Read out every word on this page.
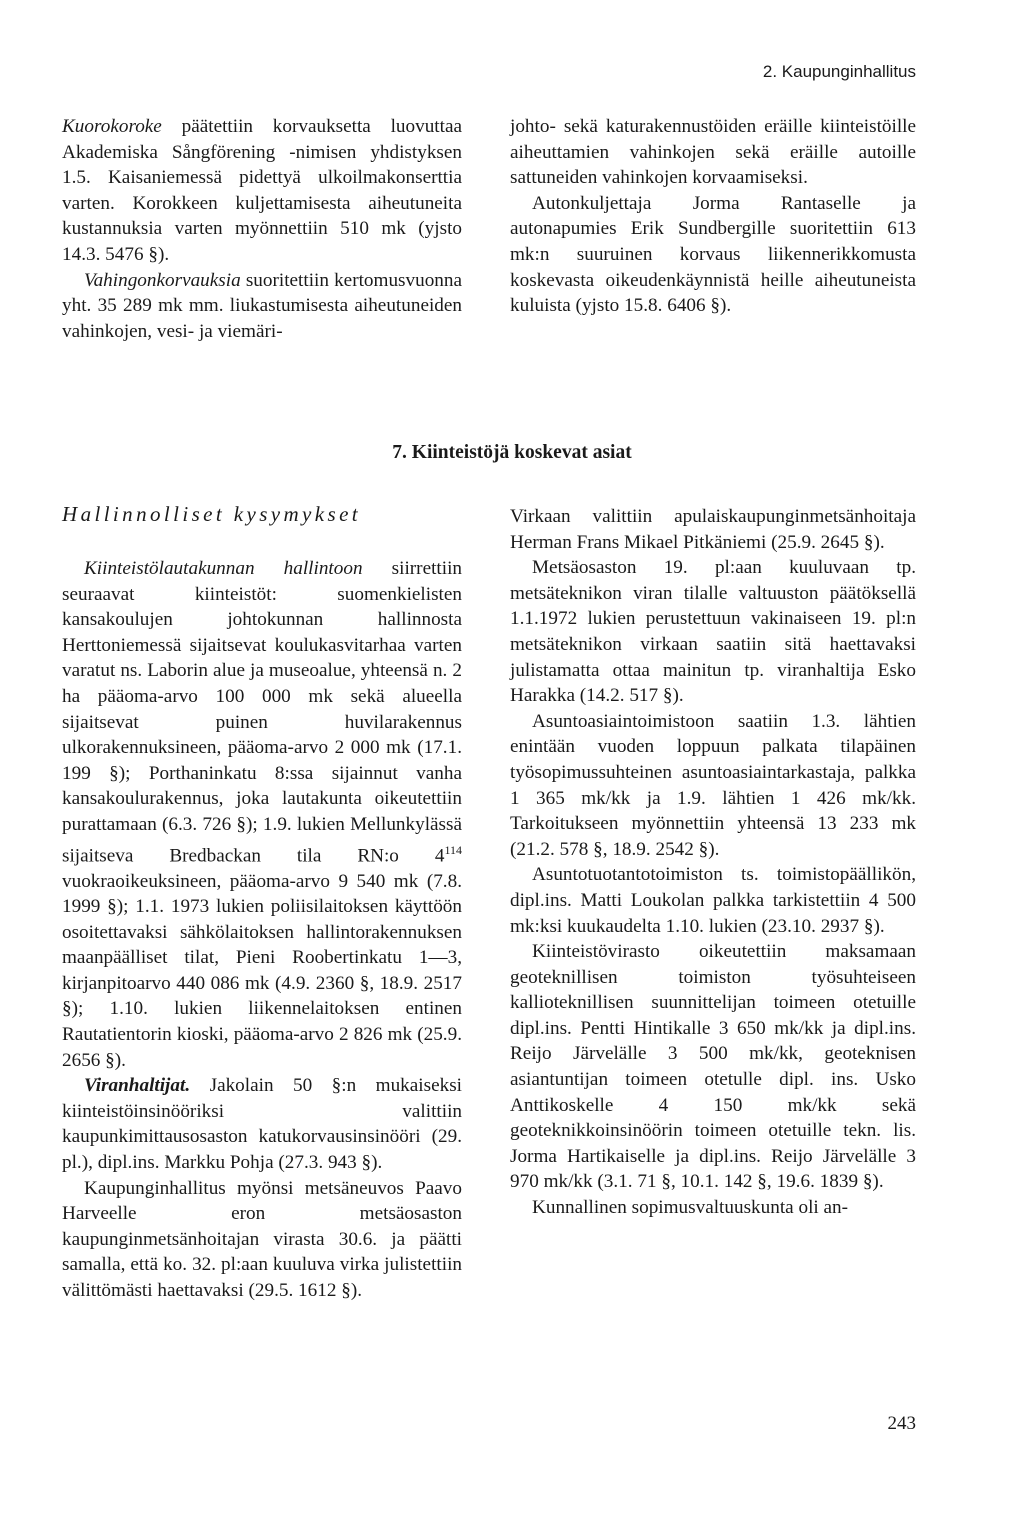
2. Kaupunginhallitus

Kuorokoroke päätettiin korvauksetta luovuttaa Akademiska Sångförening -nimisen yhdistyksen 1.5. Kaisaniemessä pidettyä ulkoilmakonserttia varten. Korokkeen kuljettamisesta aiheutuneita kustannuksia varten myönnettiin 510 mk (yjsto 14.3. 5476 §).

Vahingonkorvauksia suoritettiin kertomusvuonna yht. 35 289 mk mm. liukastumisesta aiheutuneiden vahinkojen, vesi- ja viemäri-

johto- sekä katurakennustöiden eräille kiinteistöille aiheuttamien vahinkojen sekä eräille autoille sattuneiden vahinkojen korvaamiseksi.

Autonkuljettaja Jorma Rantaselle ja autonapumies Erik Sundbergille suoritettiin 613 mk:n suuruinen korvaus liikennerikkomusta koskevasta oikeudenkäynnistä heille aiheutuneista kuluista (yjsto 15.8. 6406 §).

7. Kiinteistöjä koskevat asiat
Hallinnolliset kysymykset

Kiinteistölautakunnan hallintoon siirrettiin seuraavat kiinteistöt: suomenkielisten kansakoulujen johtokunnan hallinnosta Herttoniemessä sijaitsevat koulukasvitarhaa varten varatut ns. Laborin alue ja museoalue, yhteensä n. 2 ha pääoma-arvo 100 000 mk sekä alueella sijaitsevat puinen huvilarakennus ulkorakennuksineen, pääoma-arvo 2 000 mk (17.1. 199 §); Porthaninkatu 8:ssa sijainnut vanha kansakoulurakennus, joka lautakunta oikeutettiin purattamaan (6.3. 726 §); 1.9. lukien Mellunkylässä sijaitseva Bredbackan tila RN:o $4^{114}$ vuokraoikeuksineen, pääoma-arvo 9 540 mk (7.8. 1999 §); 1.1. 1973 lukien poliisilaitoksen käyttöön osoitettavaksi sähkölaitoksen hallintorakennuksen maanpäälliset tilat, Pieni Roobertinkatu 1—3, kirjanpitoarvo 440 086 mk (4.9. 2360 §, 18.9. 2517 §); 1.10. lukien liikennelaitoksen entinen Rautatientorin kioski, pääoma-arvo 2 826 mk (25.9. 2656 §).

Viranhaltijat. Jakolain 50 §:n mukaiseksi kiinteistöinsinööriksi valittiin kaupunkimittausosaston katukorvausinsinööri (29. pl.), dipl.ins. Markku Pohja (27.3. 943 §).

Kaupunginhallitus myönsi metsäneuvos Paavo Harveelle eron metsäosaston kaupunginmetsänhoitajan virasta 30.6. ja päätti samalla, että ko. 32. pl:aan kuuluva virka julistettiin välittömästi haettavaksi (29.5. 1612 §).

Virkaan valittiin apulaiskaupunginmetsänhoitaja Herman Frans Mikael Pitkäniemi (25.9. 2645 §).

Metsäosaston 19. pl:aan kuuluvaan tp. metsäteknikon viran tilalle valtuuston päätöksellä 1.1.1972 lukien perustettuun vakinaiseen 19. pl:n metsäteknikon virkaan saatiin sitä haettavaksi julistamatta ottaa mainitun tp. viranhaltija Esko Harakka (14.2. 517 §).

Asuntoasiaintoimistoon saatiin 1.3. lähtien enintään vuoden loppuun palkata tilapäinen työsopimussuhteinen asuntoasiaintarkastaja, palkka 1 365 mk/kk ja 1.9. lähtien 1 426 mk/kk. Tarkoitukseen myönnettiin yhteensä 13 233 mk (21.2. 578 §, 18.9. 2542 §).

Asuntotuotantotoimiston ts. toimistopäällikön, dipl.ins. Matti Loukolan palkka tarkistettiin 4 500 mk:ksi kuukaudelta 1.10. lukien (23.10. 2937 §).

Kiinteistövirasto oikeutettiin maksamaan geoteknillisen toimiston työsuhteiseen kallioteknillisen suunnittelijan toimeen otetuille dipl.ins. Pentti Hintikalle 3 650 mk/kk ja dipl.ins. Reijo Järvelälle 3 500 mk/kk, geoteknisen asiantuntijan toimeen otetulle dipl. ins. Usko Anttikoskelle 4 150 mk/kk sekä geoteknikkoinsinöörin toimeen otetuille tekn. lis. Jorma Hartikaiselle ja dipl.ins. Reijo Järvelälle 3 970 mk/kk (3.1. 71 §, 10.1. 142 §, 19.6. 1839 §).

Kunnallinen sopimusvaltuuskunta oli an-

243
